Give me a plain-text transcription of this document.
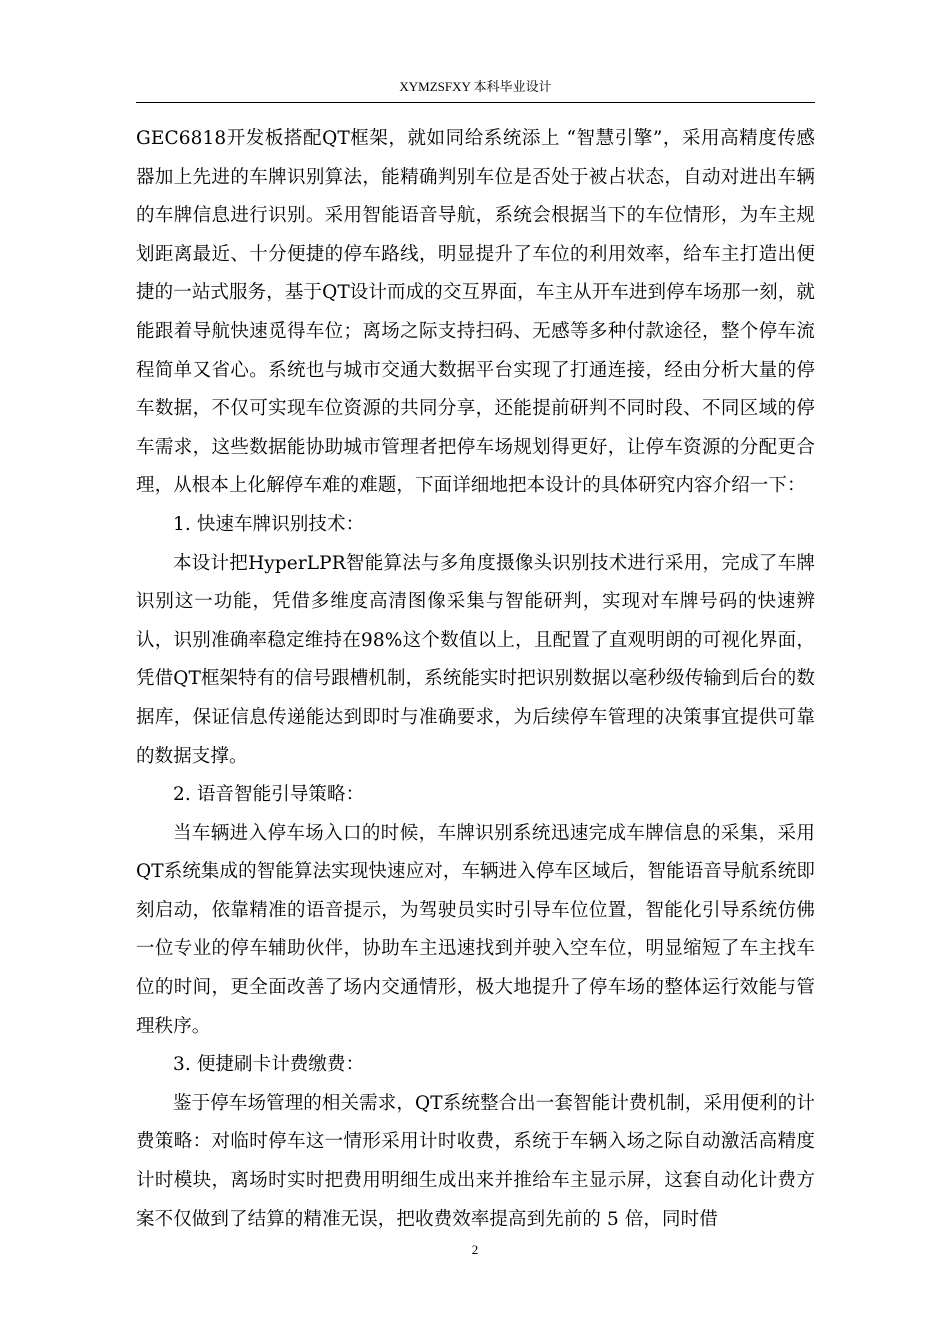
XYMZSFXY 本科毕业设计

GEC6818开发板搭配QT框架，就如同给系统添上 “智慧引擎”，采用高精度传感器加上先进的车牌识别算法，能精确判别车位是否处于被占状态，自动对进出车辆的车牌信息进行识别。采用智能语音导航，系统会根据当下的车位情形，为车主规划距离最近、十分便捷的停车路线，明显提升了车位的利用效率，给车主打造出便捷的一站式服务，基于QT设计而成的交互界面，车主从开车进到停车场那一刻，就能跟着导航快速觅得车位；离场之际支持扫码、无感等多种付款途径，整个停车流程简单又省心。系统也与城市交通大数据平台实现了打通连接，经由分析大量的停车数据，不仅可实现车位资源的共同分享，还能提前研判不同时段、不同区域的停车需求，这些数据能协助城市管理者把停车场规划得更好，让停车资源的分配更合理，从根本上化解停车难的难题，下面详细地把本设计的具体研究内容介绍一下：

1. 快速车牌识别技术：

本设计把HyperLPR智能算法与多角度摄像头识别技术进行采用，完成了车牌识别这一功能，凭借多维度高清图像采集与智能研判，实现对车牌号码的快速辨认，识别准确率稳定维持在98%这个数值以上，且配置了直观明朗的可视化界面，凭借QT框架特有的信号跟槽机制，系统能实时把识别数据以毫秒级传输到后台的数据库，保证信息传递能达到即时与准确要求，为后续停车管理的决策事宜提供可靠的数据支撑。

2. 语音智能引导策略：

当车辆进入停车场入口的时候，车牌识别系统迅速完成车牌信息的采集，采用QT系统集成的智能算法实现快速应对，车辆进入停车区域后，智能语音导航系统即刻启动，依靠精准的语音提示，为驾驶员实时引导车位位置，智能化引导系统仿佛一位专业的停车辅助伙伴，协助车主迅速找到并驶入空车位，明显缩短了车主找车位的时间，更全面改善了场内交通情形，极大地提升了停车场的整体运行效能与管理秩序。

3. 便捷刷卡计费缴费：

鉴于停车场管理的相关需求，QT系统整合出一套智能计费机制，采用便利的计费策略：对临时停车这一情形采用计时收费，系统于车辆入场之际自动激活高精度计时模块，离场时实时把费用明细生成出来并推给车主显示屏，这套自动化计费方案不仅做到了结算的精准无误，把收费效率提高到先前的 5 倍，同时借

2
